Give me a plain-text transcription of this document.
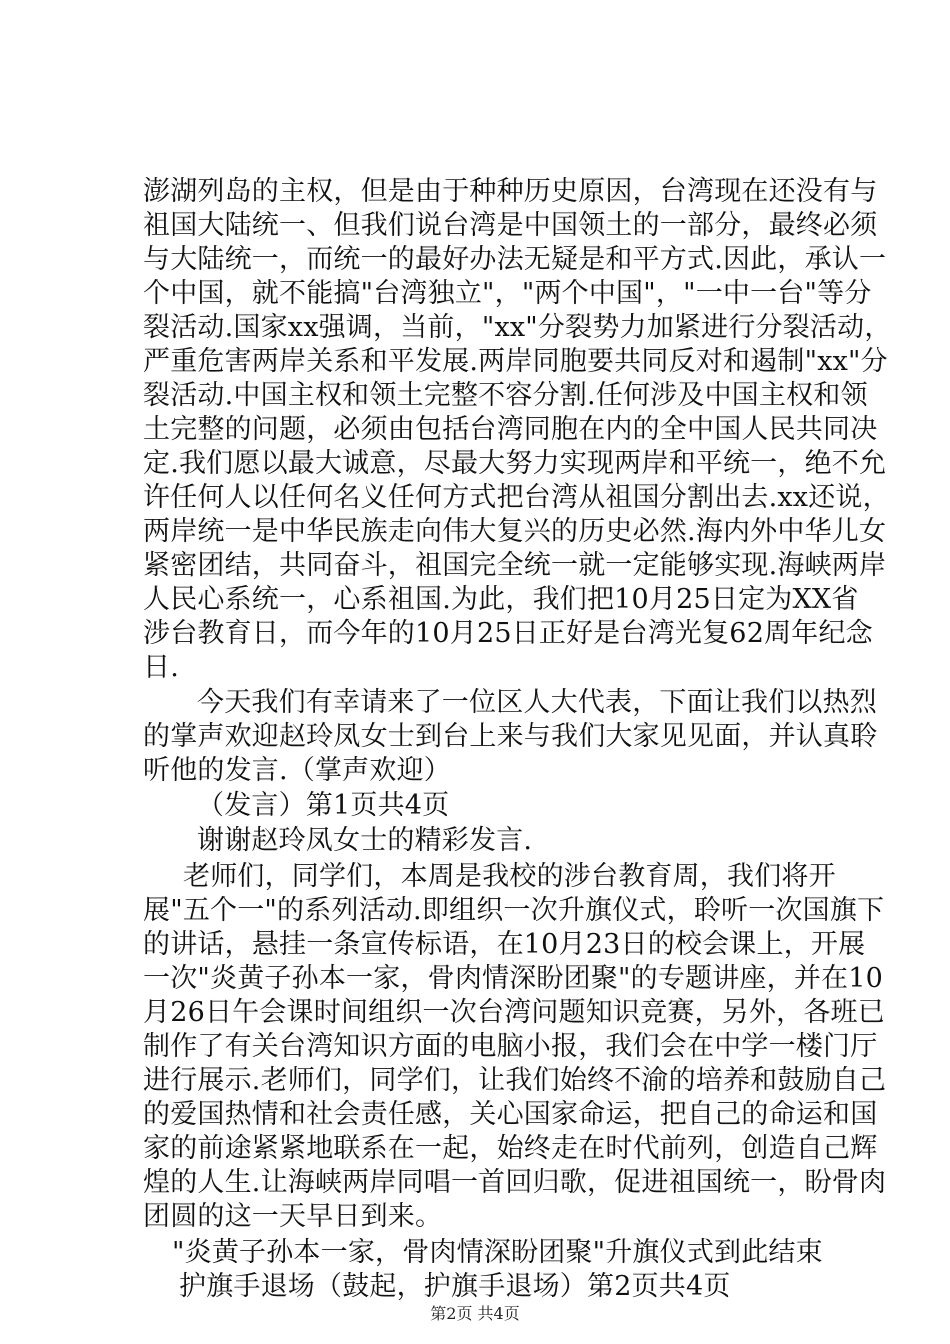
澎湖列岛的主权，但是由于种种历史原因，台湾现在还没有与
祖国大陆统一、但我们说台湾是中国领土的一部分，最终必须
与大陆统一，而统一的最好办法无疑是和平方式.因此，承认一
个中国，就不能搞"台湾独立"，"两个中国"，"一中一台"等分
裂活动.国家xx强调，当前，"xx"分裂势力加紧进行分裂活动，
严重危害两岸关系和平发展.两岸同胞要共同反对和遏制"xx"分
裂活动.中国主权和领土完整不容分割.任何涉及中国主权和领
土完整的问题，必须由包括台湾同胞在内的全中国人民共同决
定.我们愿以最大诚意，尽最大努力实现两岸和平统一，绝不允
许任何人以任何名义任何方式把台湾从祖国分割出去.xx还说，
两岸统一是中华民族走向伟大复兴的历史必然.海内外中华儿女
紧密团结，共同奋斗，祖国完全统一就一定能够实现.海峡两岸
人民心系统一，心系祖国.为此，我们把10月25日定为XX省
涉台教育日，而今年的10月25日正好是台湾光复62周年纪念
日.
今天我们有幸请来了一位区人大代表，下面让我们以热烈
的掌声欢迎赵玲凤女士到台上来与我们大家见见面，并认真聆
听他的发言.（掌声欢迎）
（发言）第1页共4页
谢谢赵玲凤女士的精彩发言.
老师们，同学们，本周是我校的涉台教育周，我们将开
展"五个一"的系列活动.即组织一次升旗仪式，聆听一次国旗下
的讲话，悬挂一条宣传标语，在10月23日的校会课上，开展
一次"炎黄子孙本一家，骨肉情深盼团聚"的专题讲座，并在10
月26日午会课时间组织一次台湾问题知识竞赛，另外，各班已
制作了有关台湾知识方面的电脑小报，我们会在中学一楼门厅
进行展示.老师们，同学们，让我们始终不渝的培养和鼓励自己
的爱国热情和社会责任感，关心国家命运，把自己的命运和国
家的前途紧紧地联系在一起，始终走在时代前列，创造自己辉
煌的人生.让海峡两岸同唱一首回归歌，促进祖国统一，盼骨肉
团圆的这一天早日到来。
"炎黄子孙本一家，骨肉情深盼团聚"升旗仪式到此结束
护旗手退场（鼓起，护旗手退场）第2页共4页
第2页 共4页
